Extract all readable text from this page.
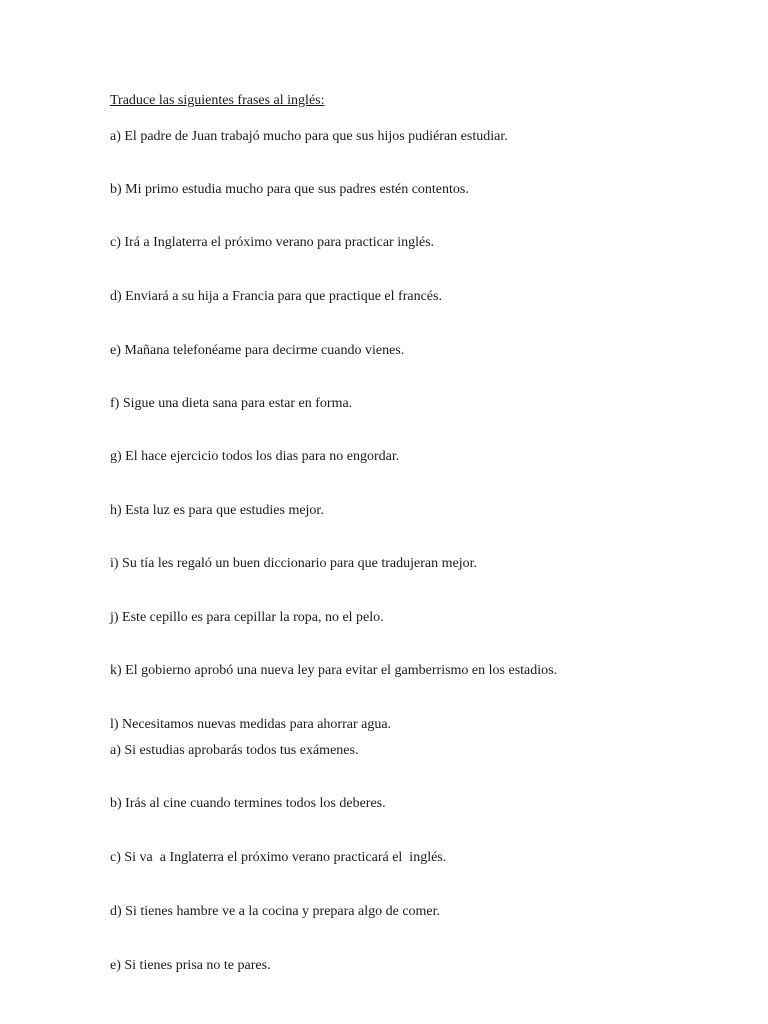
Traduce las siguientes frases al inglés:
a) El padre de Juan trabajó mucho para que sus hijos pudiéran estudiar.
b) Mi primo estudia mucho para que sus padres estén contentos.
c) Irá a Inglaterra el próximo verano para practicar inglés.
d) Enviará a su hija a Francia para que practique el francés.
e) Mañana telefonéame para decirme cuando vienes.
f) Sigue una dieta sana para estar en forma.
g) El hace ejercicio todos los dias para no engordar.
h) Esta luz es para que estudies mejor.
i) Su tía les regaló un buen diccionario para que tradujeran mejor.
j) Este cepillo es para cepillar la ropa, no el pelo.
k) El gobierno aprobó una nueva ley para evitar el gamberrismo en los estadios.
l) Necesitamos nuevas medidas para ahorrar agua.
a) Si estudias aprobarás todos tus exámenes.
b) Irás al cine cuando termines todos los deberes.
c) Si va  a Inglaterra el próximo verano practicará el  inglés.
d) Si tienes hambre ve a la cocina y prepara algo de comer.
e) Si tienes prisa no te pares.
